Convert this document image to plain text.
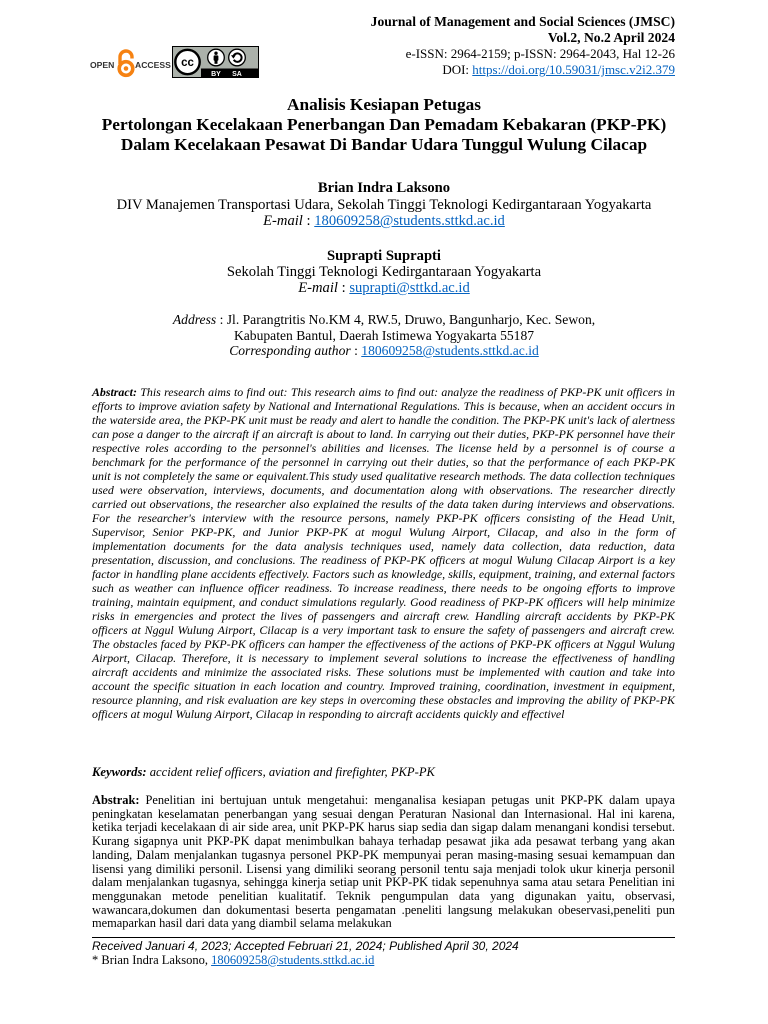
Journal of Management and Social Sciences (JMSC)
Vol.2, No.2 April 2024
e-ISSN: 2964-2159; p-ISSN: 2964-2043, Hal 12-26
DOI: https://doi.org/10.59031/jmsc.v2i2.379
OPEN ACCESS cc
BY SA
Analisis Kesiapan Petugas
Pertolongan Kecelakaan Penerbangan Dan Pemadam Kebakaran (PKP-PK)
Dalam Kecelakaan Pesawat Di Bandar Udara Tunggul Wulung Cilacap
Brian Indra Laksono
DIV Manajemen Transportasi Udara, Sekolah Tinggi Teknologi Kedirgantaraan Yogyakarta
E-mail : 180609258@students.sttkd.ac.id
Suprapti Suprapti
Sekolah Tinggi Teknologi Kedirgantaraan Yogyakarta
E-mail : suprapti@sttkd.ac.id
Address : Jl. Parangtritis No.KM 4, RW.5, Druwo, Bangunharjo, Kec. Sewon,
Kabupaten Bantul, Daerah Istimewa Yogyakarta 55187
Corresponding author : 180609258@students.sttkd.ac.id
Abstract: This research aims to find out: This research aims to find out: analyze the readiness of PKP-PK unit officers in efforts to improve aviation safety by National and International Regulations. This is because, when an accident occurs in the waterside area, the PKP-PK unit must be ready and alert to handle the condition. The PKP-PK unit's lack of alertness can pose a danger to the aircraft if an aircraft is about to land. In carrying out their duties, PKP-PK personnel have their respective roles according to the personnel's abilities and licenses. The license held by a personnel is of course a benchmark for the performance of the personnel in carrying out their duties, so that the performance of each PKP-PK unit is not completely the same or equivalent.This study used qualitative research methods. The data collection techniques used were observation, interviews, documents, and documentation along with observations. The researcher directly carried out observations, the researcher also explained the results of the data taken during interviews and observations. For the researcher's interview with the resource persons, namely PKP-PK officers consisting of the Head Unit, Supervisor, Senior PKP-PK, and Junior PKP-PK at mogul Wulung Airport, Cilacap, and also in the form of implementation documents for the data analysis techniques used, namely data collection, data reduction, data presentation, discussion, and conclusions. The readiness of PKP-PK officers at mogul Wulung Cilacap Airport is a key factor in handling plane accidents effectively. Factors such as knowledge, skills, equipment, training, and external factors such as weather can influence officer readiness. To increase readiness, there needs to be ongoing efforts to improve training, maintain equipment, and conduct simulations regularly. Good readiness of PKP-PK officers will help minimize risks in emergencies and protect the lives of passengers and aircraft crew. Handling aircraft accidents by PKP-PK officers at Nggul Wulung Airport, Cilacap is a very important task to ensure the safety of passengers and aircraft crew. The obstacles faced by PKP-PK officers can hamper the effectiveness of the actions of PKP-PK officers at Nggul Wulung Airport, Cilacap. Therefore, it is necessary to implement several solutions to increase the effectiveness of handling aircraft accidents and minimize the associated risks. These solutions must be implemented with caution and take into account the specific situation in each location and country. Improved training, coordination, investment in equipment, resource planning, and risk evaluation are key steps in overcoming these obstacles and improving the ability of PKP-PK officers at mogul Wulung Airport, Cilacap in responding to aircraft accidents quickly and effectivel
Keywords: accident relief officers, aviation and firefighter, PKP-PK
Abstrak: Penelitian ini bertujuan untuk mengetahui: menganalisa kesiapan petugas unit PKP-PK dalam upaya peningkatan keselamatan penerbangan yang sesuai dengan Peraturan Nasional dan Internasional. Hal ini karena, ketika terjadi kecelakaan di air side area, unit PKP-PK harus siap sedia dan sigap dalam menangani kondisi tersebut. Kurang sigapnya unit PKP-PK dapat menimbulkan bahaya terhadap pesawat jika ada pesawat terbang yang akan landing, Dalam menjalankan tugasnya personel PKP-PK mempunyai peran masing-masing sesuai kemampuan dan lisensi yang dimiliki personil. Lisensi yang dimiliki seorang personil tentu saja menjadi tolok ukur kinerja personil dalam menjalankan tugasnya, sehingga kinerja setiap unit PKP-PK tidak sepenuhnya sama atau setara Penelitian ini menggunakan metode penelitian kualitatif. Teknik pengumpulan data yang digunakan yaitu, observasi, wawancara,dokumen dan dokumentasi beserta pengamatan .peneliti langsung melakukan obeservasi,peneliti pun memaparkan hasil dari data yang diambil selama melakukan
Received Januari 4, 2023; Accepted Februari 21, 2024; Published April 30, 2024
* Brian Indra Laksono, 180609258@students.sttkd.ac.id
